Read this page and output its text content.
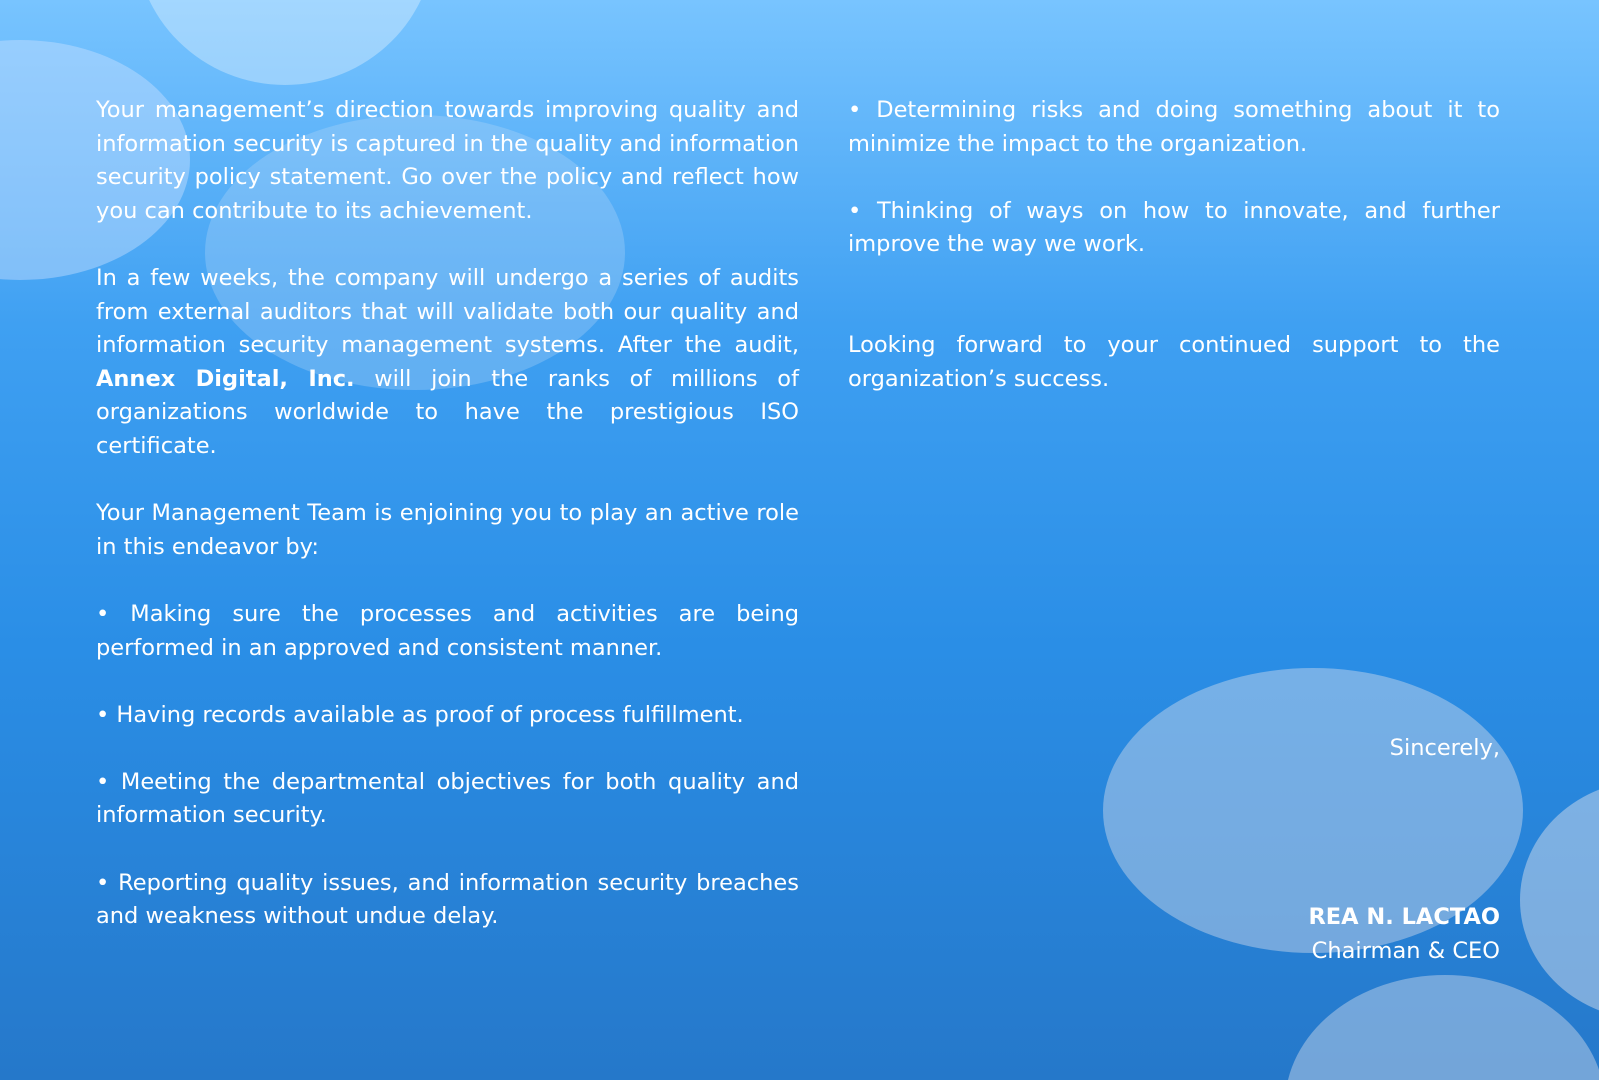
Your management’s direction towards improving quality and information security is captured in the quality and information security policy statement. Go over the policy and reflect how you can contribute to its achievement.

In a few weeks, the company will undergo a series of audits from external auditors that will validate both our quality and information security management systems. After the audit, Annex Digital, Inc. will join the ranks of millions of organizations worldwide to have the prestigious ISO certificate.

Your Management Team is enjoining you to play an active role in this endeavor by:

• Making sure the processes and activities are being performed in an approved and consistent manner.

• Having records available as proof of process fulfillment.

• Meeting the departmental objectives for both quality and information security.

• Reporting quality issues, and information security breaches and weakness without undue delay.

• Determining risks and doing something about it to minimize the impact to the organization.

• Thinking of ways on how to innovate, and further improve the way we work.

Looking forward to your continued support to the organization’s success.

Sincerely,
REA N. LACTAO
Chairman & CEO
